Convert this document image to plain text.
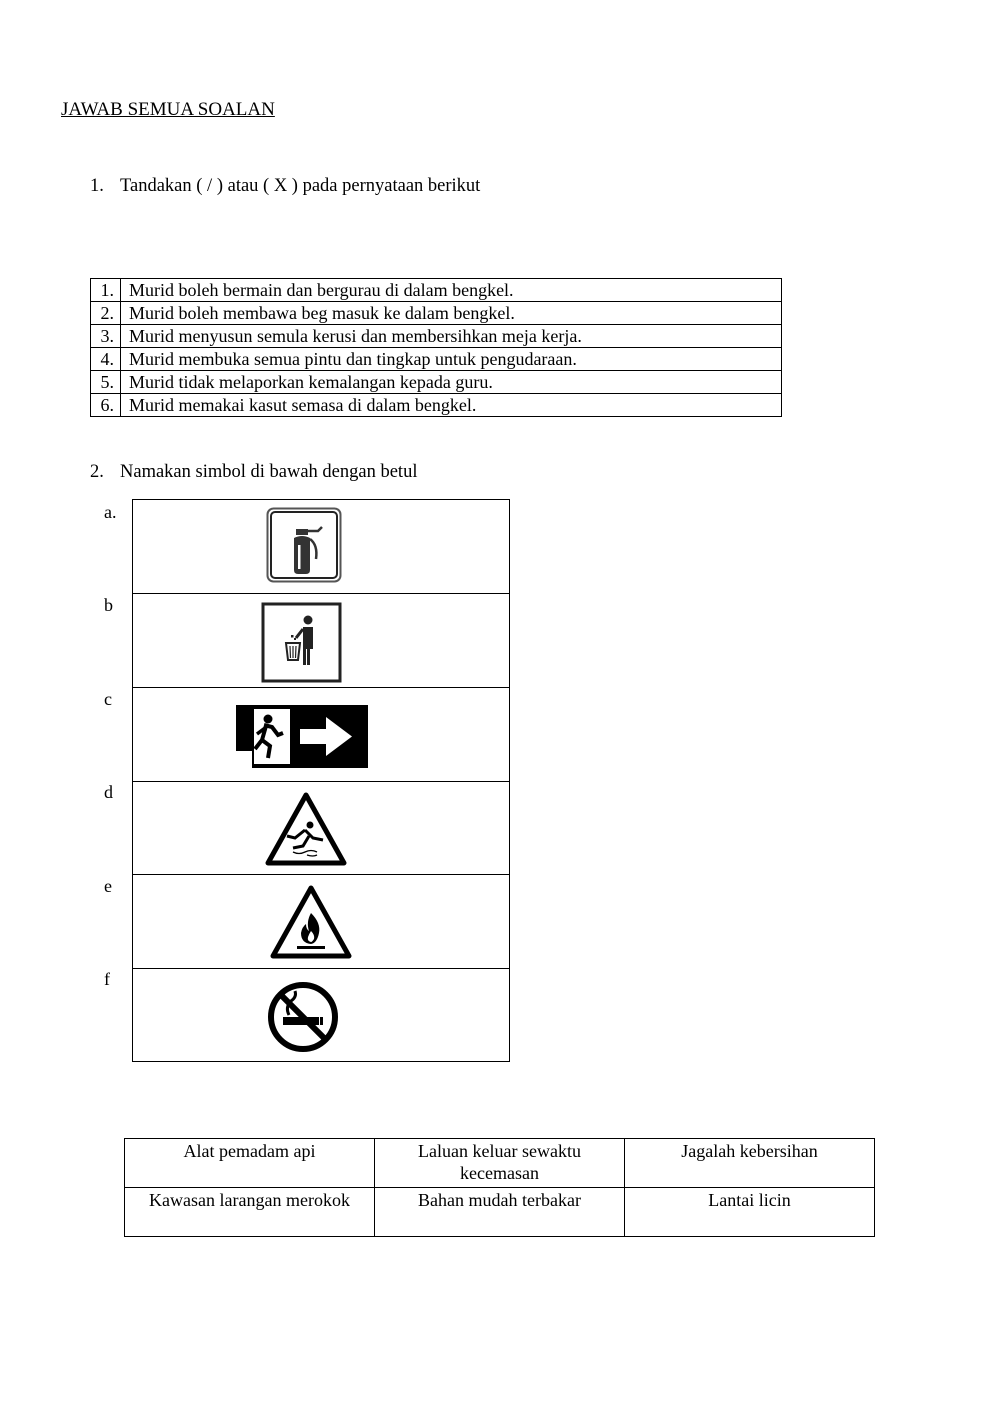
JAWAB SEMUA SOALAN
1. Tandakan ( / ) atau ( X ) pada pernyataan berikut
1.	Murid boleh bermain dan bergurau di dalam bengkel.
2.	Murid boleh membawa beg masuk ke dalam bengkel.
3.	Murid menyusun semula kerusi dan membersihkan meja kerja.
4.	Murid membuka semua pintu dan tingkap untuk pengudaraan.
5.	Murid tidak melaporkan kemalangan kepada guru.
6.	Murid memakai kasut semasa di dalam bengkel.
2. Namakan simbol di bawah dengan betul
a.
b
c
d
e
f
Alat pemadam api	Laluan keluar sewaktu kecemasan	Jagalah kebersihan
Kawasan larangan merokok	Bahan mudah terbakar	Lantai licin
